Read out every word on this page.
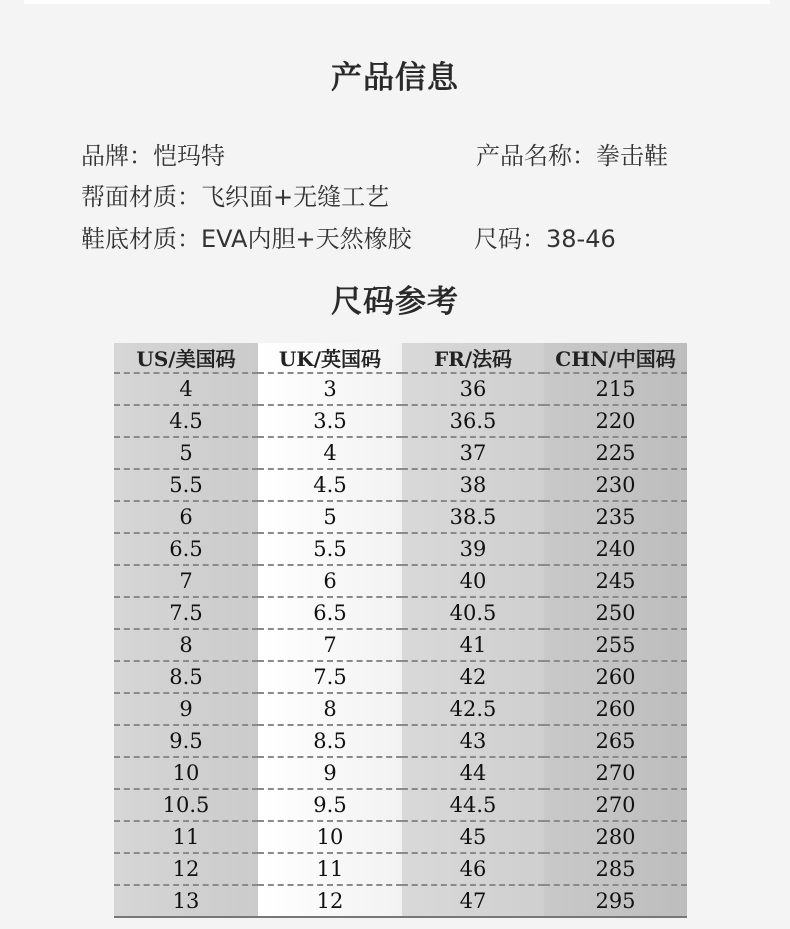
产品信息
品牌：恺玛特	产品名称：拳击鞋
帮面材质：飞织面+无缝工艺
鞋底材质：EVA内胆+天然橡胶	尺码：38-46
尺码参考
US/美国码	UK/英国码	FR/法码	CHN/中国码
4	3	36	215
4.5	3.5	36.5	220
5	4	37	225
5.5	4.5	38	230
6	5	38.5	235
6.5	5.5	39	240
7	6	40	245
7.5	6.5	40.5	250
8	7	41	255
8.5	7.5	42	260
9	8	42.5	260
9.5	8.5	43	265
10	9	44	270
10.5	9.5	44.5	270
11	10	45	280
12	11	46	285
13	12	47	295
